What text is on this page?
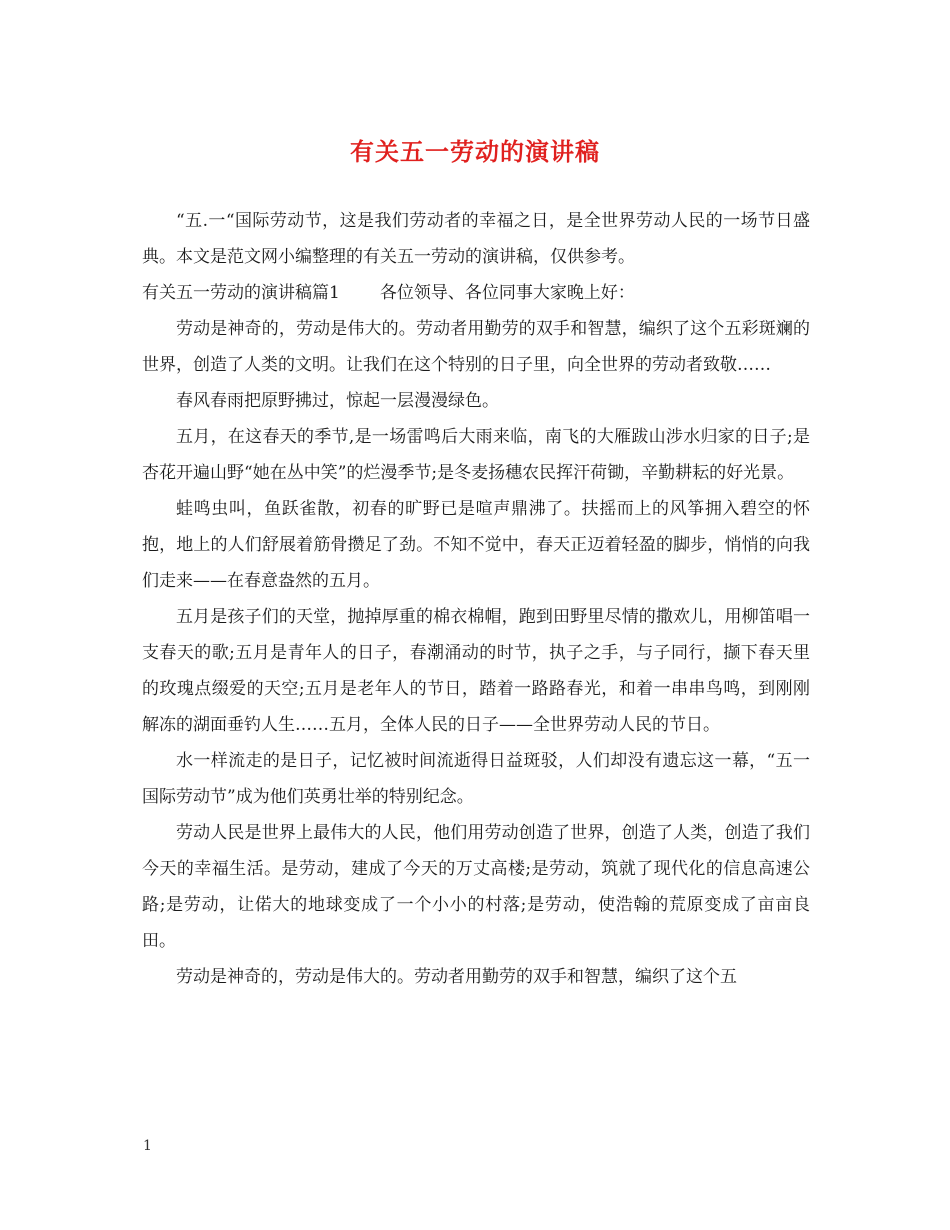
有关五一劳动的演讲稿

“五.一“国际劳动节，这是我们劳动者的幸福之日，是全世界劳动人民的一场节日盛典。本文是范文网小编整理的有关五一劳动的演讲稿，仅供参考。

有关五一劳动的演讲稿篇1 各位领导、各位同事大家晚上好：

劳动是神奇的，劳动是伟大的。劳动者用勤劳的双手和智慧，编织了这个五彩斑斓的世界，创造了人类的文明。让我们在这个特别的日子里，向全世界的劳动者致敬……

春风春雨把原野拂过，惊起一层漫漫绿色。

五月，在这春天的季节,是一场雷鸣后大雨来临，南飞的大雁跋山涉水归家的日子;是杏花开遍山野“她在丛中笑”的烂漫季节;是冬麦扬穗农民挥汗荷锄，辛勤耕耘的好光景。

蛙鸣虫叫，鱼跃雀散，初春的旷野已是喧声鼎沸了。扶摇而上的风筝拥入碧空的怀抱，地上的人们舒展着筋骨攒足了劲。不知不觉中，春天正迈着轻盈的脚步，悄悄的向我们走来——在春意盎然的五月。

五月是孩子们的天堂，抛掉厚重的棉衣棉帽，跑到田野里尽情的撒欢儿，用柳笛唱一支春天的歌;五月是青年人的日子，春潮涌动的时节，执子之手，与子同行，撷下春天里的玫瑰点缀爱的天空;五月是老年人的节日，踏着一路路春光，和着一串串鸟鸣，到刚刚解冻的湖面垂钓人生……五月，全体人民的日子——全世界劳动人民的节日。

水一样流走的是日子，记忆被时间流逝得日益斑驳，人们却没有遗忘这一幕，“五一国际劳动节”成为他们英勇壮举的特别纪念。

劳动人民是世界上最伟大的人民，他们用劳动创造了世界，创造了人类，创造了我们今天的幸福生活。是劳动，建成了今天的万丈高楼;是劳动，筑就了现代化的信息高速公路;是劳动，让偌大的地球变成了一个小小的村落;是劳动，使浩翰的荒原变成了亩亩良田。

劳动是神奇的，劳动是伟大的。劳动者用勤劳的双手和智慧，编织了这个五

1
